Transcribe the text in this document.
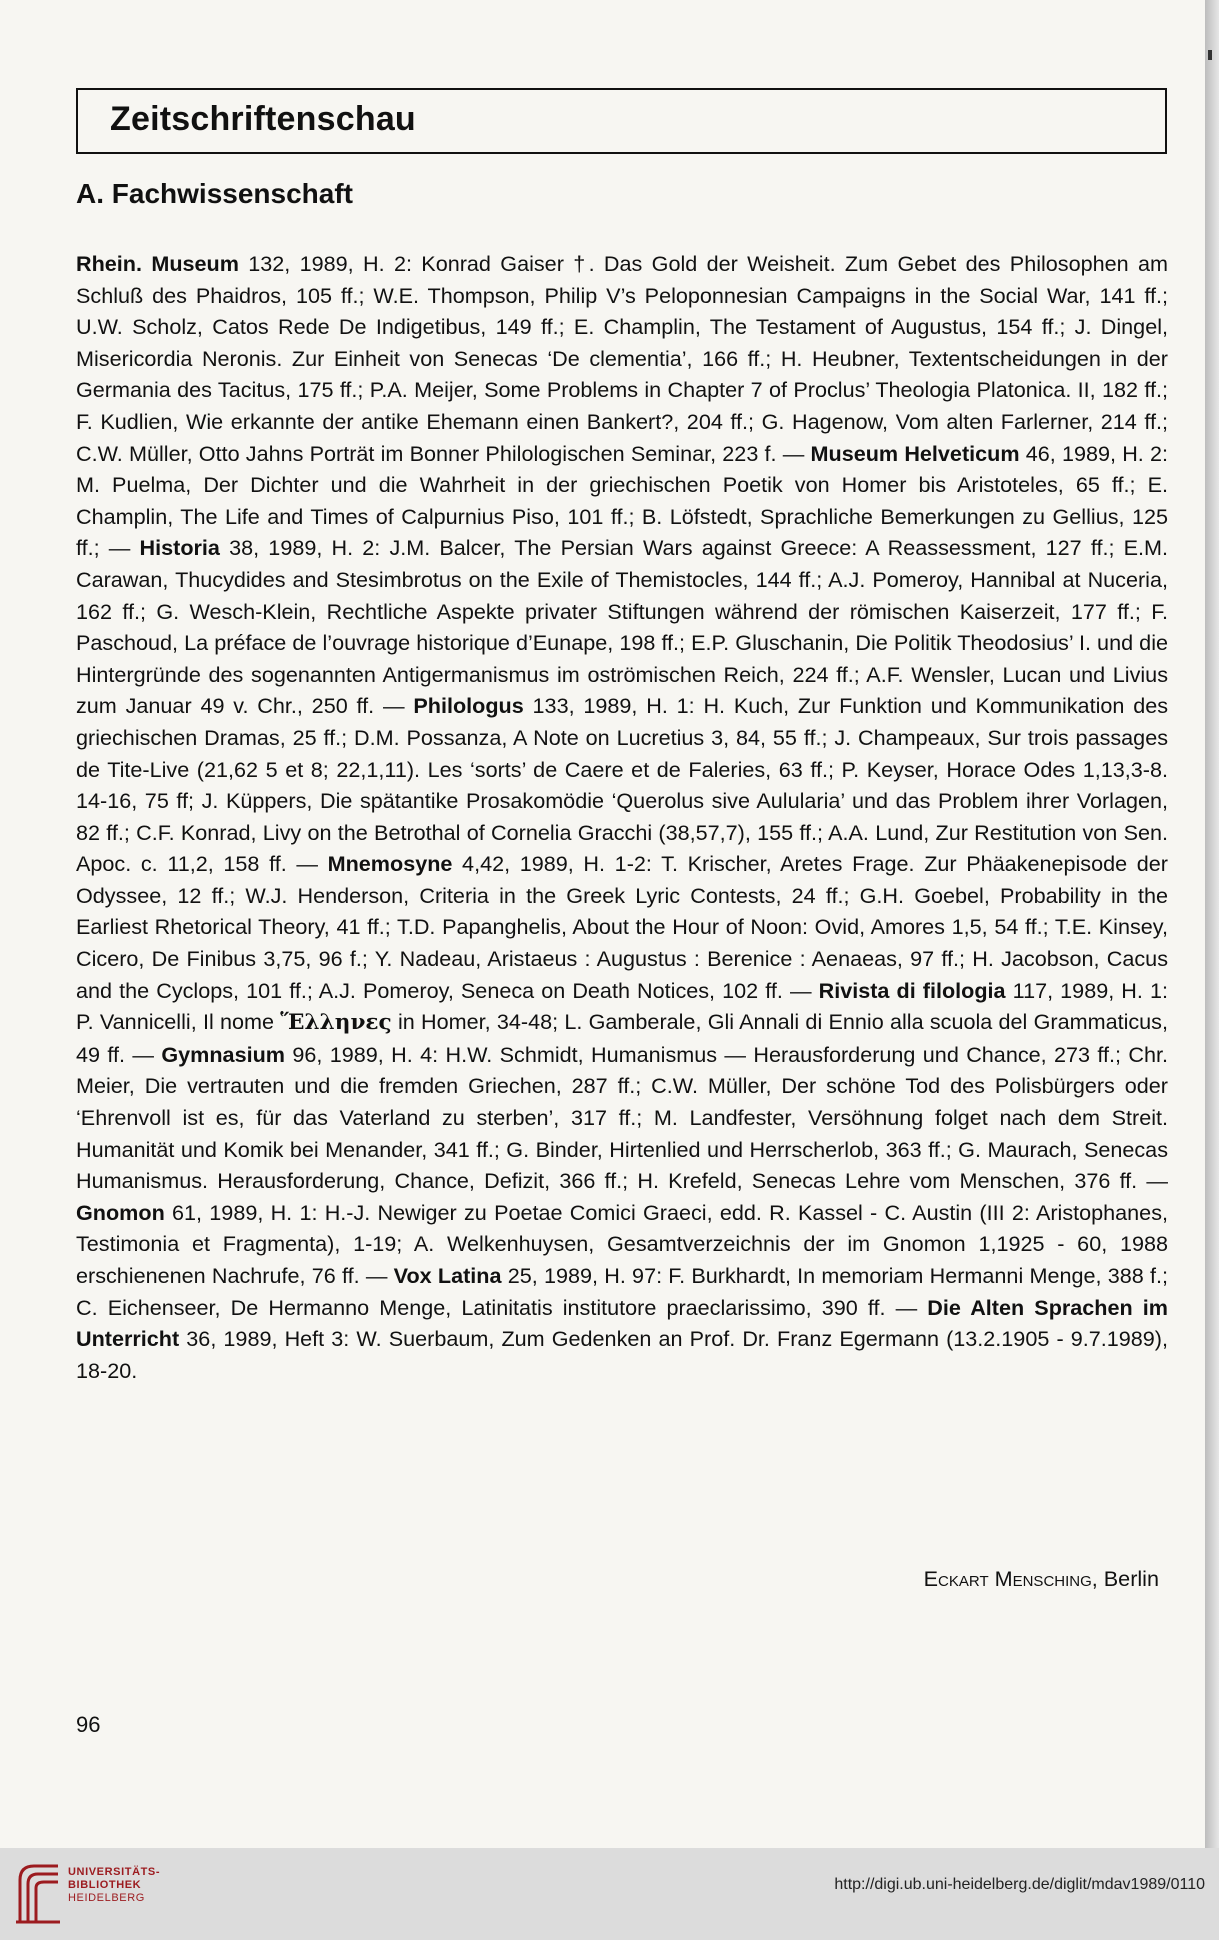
Zeitschriftenschau
A. Fachwissenschaft
Rhein. Museum 132, 1989, H. 2: Konrad Gaiser †. Das Gold der Weisheit. Zum Gebet des Philosophen am Schluß des Phaidros, 105 ff.; W.E. Thompson, Philip V’s Peloponnesian Campaigns in the Social War, 141 ff.; U.W. Scholz, Catos Rede De Indigetibus, 149 ff.; E. Champlin, The Testament of Augustus, 154 ff.; J. Dingel, Misericordia Neronis. Zur Einheit von Senecas ‘De clementia’, 166 ff.; H. Heubner, Textentscheidungen in der Germania des Tacitus, 175 ff.; P.A. Meijer, Some Problems in Chapter 7 of Proclus’ Theologia Platonica. II, 182 ff.; F. Kudlien, Wie erkannte der antike Ehemann einen Bankert?, 204 ff.; G. Hagenow, Vom alten Farlerner, 214 ff.; C.W. Müller, Otto Jahns Porträt im Bonner Philologischen Seminar, 223 f. — Museum Helveticum 46, 1989, H. 2: M. Puelma, Der Dichter und die Wahrheit in der griechischen Poetik von Homer bis Aristoteles, 65 ff.; E. Champlin, The Life and Times of Calpurnius Piso, 101 ff.; B. Löfstedt, Sprachliche Bemerkungen zu Gellius, 125 ff.; — Historia 38, 1989, H. 2: J.M. Balcer, The Persian Wars against Greece: A Reassessment, 127 ff.; E.M. Carawan, Thucydides and Stesimbrotus on the Exile of Themistocles, 144 ff.; A.J. Pomeroy, Hannibal at Nuceria, 162 ff.; G. Wesch-Klein, Rechtliche Aspekte privater Stiftungen während der römischen Kaiserzeit, 177 ff.; F. Paschoud, La préface de l’ouvrage historique d’Eunape, 198 ff.; E.P. Gluschanin, Die Politik Theodosius’ I. und die Hintergründe des sogenannten Antigermanismus im oströmischen Reich, 224 ff.; A.F. Wensler, Lucan und Livius zum Januar 49 v. Chr., 250 ff. — Philologus 133, 1989, H. 1: H. Kuch, Zur Funktion und Kommunikation des griechischen Dramas, 25 ff.; D.M. Possanza, A Note on Lucretius 3, 84, 55 ff.; J. Champeaux, Sur trois passages de Tite-Live (21,62 5 et 8; 22,1,11). Les ‘sorts’ de Caere et de Faleries, 63 ff.; P. Keyser, Horace Odes 1,13,3-8. 14-16, 75 ff; J. Küppers, Die spätantike Prosakomödie ‘Querolus sive Aulularia’ und das Problem ihrer Vorlagen, 82 ff.; C.F. Konrad, Livy on the Betrothal of Cornelia Gracchi (38,57,7), 155 ff.; A.A. Lund, Zur Restitution von Sen. Apoc. c. 11,2, 158 ff. — Mnemosyne 4,42, 1989, H. 1-2: T. Krischer, Aretes Frage. Zur Phäakenepisode der Odyssee, 12 ff.; W.J. Henderson, Criteria in the Greek Lyric Contests, 24 ff.; G.H. Goebel, Probability in the Earliest Rhetorical Theory, 41 ff.; T.D. Papanghelis, About the Hour of Noon: Ovid, Amores 1,5, 54 ff.; T.E. Kinsey, Cicero, De Finibus 3,75, 96 f.; Y. Nadeau, Aristaeus : Augustus : Berenice : Aenaeas, 97 ff.; H. Jacobson, Cacus and the Cyclops, 101 ff.; A.J. Pomeroy, Seneca on Death Notices, 102 ff. — Rivista di filologia 117, 1989, H. 1: P. Vannicelli, Il nome Ἕλληνες in Homer, 34-48; L. Gamberale, Gli Annali di Ennio alla scuola del Grammaticus, 49 ff. — Gymnasium 96, 1989, H. 4: H.W. Schmidt, Humanismus — Herausforderung und Chance, 273 ff.; Chr. Meier, Die vertrauten und die fremden Griechen, 287 ff.; C.W. Müller, Der schöne Tod des Polisbürgers oder ‘Ehrenvoll ist es, für das Vaterland zu sterben’, 317 ff.; M. Landfester, Versöhnung folget nach dem Streit. Humanität und Komik bei Menander, 341 ff.; G. Binder, Hirtenlied und Herrscherlob, 363 ff.; G. Maurach, Senecas Humanismus. Herausforderung, Chance, Defizit, 366 ff.; H. Krefeld, Senecas Lehre vom Menschen, 376 ff. — Gnomon 61, 1989, H. 1: H.-J. Newiger zu Poetae Comici Graeci, edd. R. Kassel - C. Austin (III 2: Aristophanes, Testimonia et Fragmenta), 1-19; A. Welkenhuysen, Gesamtverzeichnis der im Gnomon 1,1925 - 60, 1988 erschienenen Nachrufe, 76 ff. — Vox Latina 25, 1989, H. 97: F. Burkhardt, In memoriam Hermanni Menge, 388 f.; C. Eichenseer, De Hermanno Menge, Latinitatis institutore praeclarissimo, 390 ff. — Die Alten Sprachen im Unterricht 36, 1989, Heft 3: W. Suerbaum, Zum Gedenken an Prof. Dr. Franz Egermann (13.2.1905 - 9.7.1989), 18-20.
Eckart Mensching, Berlin
96
UNIVERSITÄTS-
BIBLIOTHEK
HEIDELBERG
http://digi.ub.uni-heidelberg.de/diglit/mdav1989/0110
